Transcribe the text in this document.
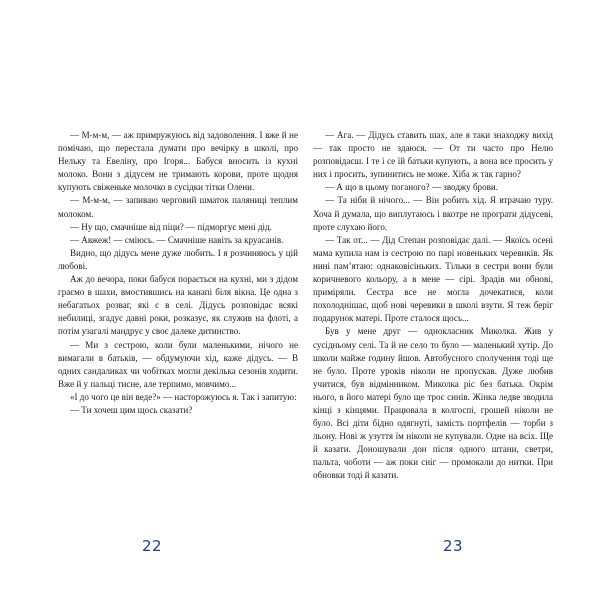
— М-м-м, — аж примружуюсь від задоволення. І вже й не помічаю, що перестала думати про вечірку в школі, про Нельку та Евеліну, про Ігоря... Бабуся вносить із кухні молоко. Вони з дідусем не тримають корови, проте щодня купують свіженьке молочко в сусідки тітки Олени.

— М-м-м, — запиваю черговий шматок паляниці теплим молоком.

— Ну що, смачніше від піци? — підморгує мені дід.

— Авжеж! — сміюсь. — Смачніше навіть за круасанів.

Видно, що дідусь мене дуже любить. І я розчиняюсь у цій любові.

Аж до вечора, поки бабуся порається на кухні, ми з дідом граємо в шахи, вмостившись на канапі біля вікна. Це одна з небагатьох розваг, які є в селі. Дідусь розповідає всякі небилиці, згадує давні роки, розказує, як служив на флоті, а потім узагалі мандрує у своє далеке дитинство.

— Ми з сестрою, коли були маленькими, нічого не вимагали в батьків, — обдумуючи хід, каже дідусь. — В одних сандаликах чи чобітках могли декілька сезонів ходити. Вже й у пальці тисне, але терпимо, мовчимо...

«І до чого це він веде?» — насторожуюсь я. Так і запитую:

— Ти хочеш цим щось сказати?

22

— Ага. — Дідусь ставить шах, але я таки знаходжу вихід — так просто не здаюся. — От ти часто про Нелю розповідаєш. І те і се їй батьки купують, а вона все просить у них і просить, зупинитись не може. Хіба ж так гарно?

— А що в цьому поганого? — зводжу брови.

— Та ніби й нічого... — Він робить хід. Я втрачаю туру. Хоча й думала, що виплутаюсь і вкотре не програти дідусеві, проте слухаю його.

— Так от... — Дід Степан розповідає далі. — Якоїсь осені мама купила нам із сестрою по парі новеньких черевиків. Як нині пам’ятаю: однаковісіньких. Тільки в сестри вони були коричневого кольору, а в мене — сірі. Зрадів ми обнові, приміряли. Сестра все не могла дочекатися, коли похолоднішає, щоб нові черевики в школі взути. Я теж беріг подарунок матері. Проте сталося щось...

Був у мене друг — однокласник Миколка. Жив у сусідньому селі. Та й не село то було — маленький хутір. До школи майже годину йшов. Автобусного сполучення тоді ще не було. Проте уроків ніколи не пропускав. Дуже любив учитися, був відмінником. Миколка ріс без батька. Окрім нього, в його матері було ще троє синів. Жінка ледве зводила кінці з кінцями. Працювала в колгоспі, грошей ніколи не було. Всі діти бідно одягнуті, замість портфелів — торби з льону. Нові ж узуття їм ніколи не купували. Одне на всіх. Ще й казати. Доношували дон після одного штани, светри, пальта, чоботи — аж поки сніг — промокали до нитки. При обновки тоді й казати.

23
